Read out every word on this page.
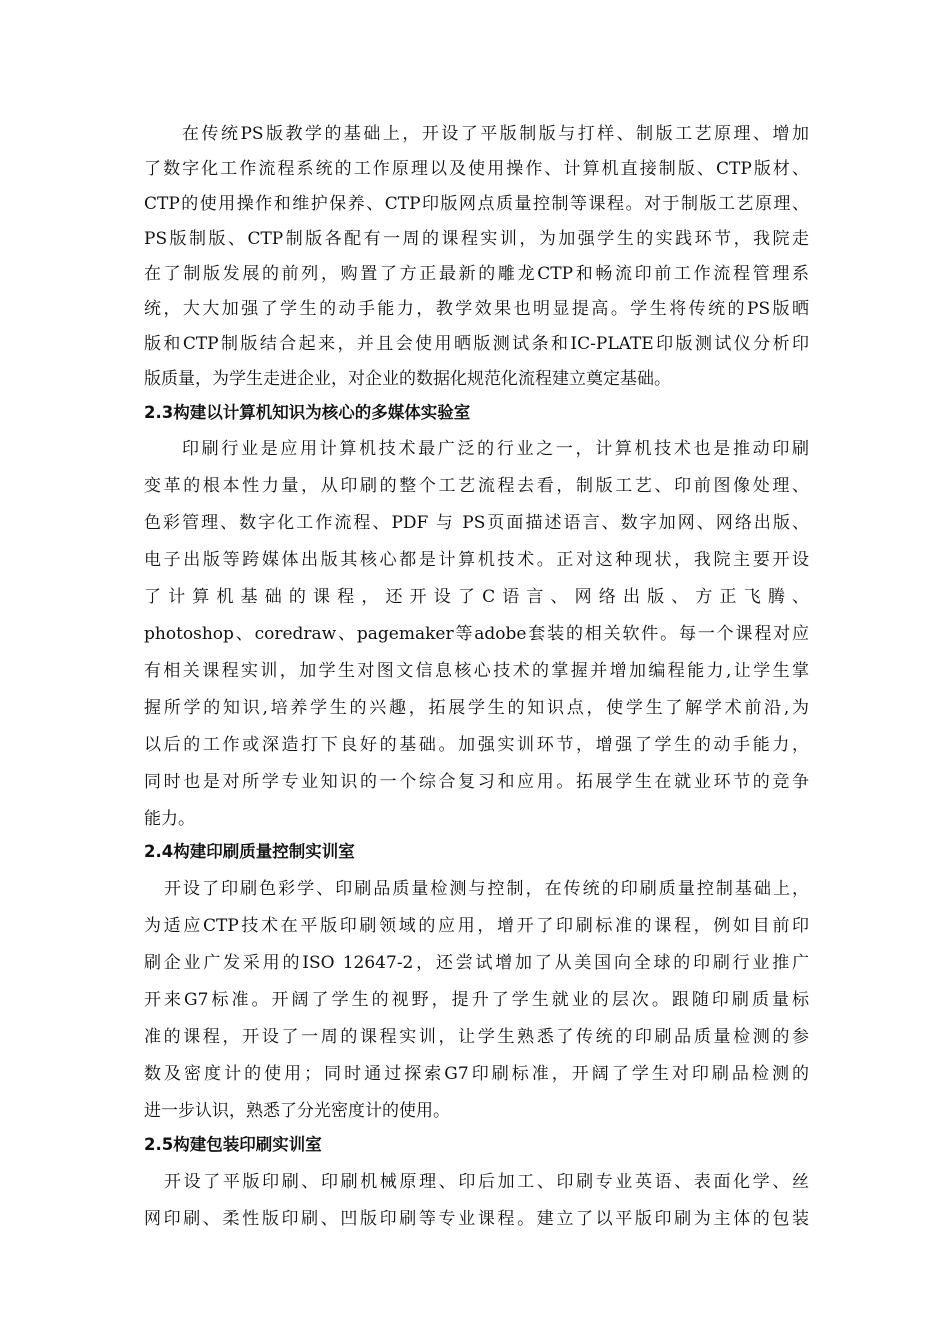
在传统PS版教学的基础上，开设了平版制版与打样、制版工艺原理、增加
了数字化工作流程系统的工作原理以及使用操作、计算机直接制版、CTP版材、
CTP的使用操作和维护保养、CTP印版网点质量控制等课程。对于制版工艺原理、
PS版制版、CTP制版各配有一周的课程实训，为加强学生的实践环节，我院走
在了制版发展的前列，购置了方正最新的雕龙CTP和畅流印前工作流程管理系
统，大大加强了学生的动手能力，教学效果也明显提高。学生将传统的PS版晒
版和CTP制版结合起来，并且会使用晒版测试条和IC-PLATE印版测试仪分析印
版质量，为学生走进企业，对企业的数据化规范化流程建立奠定基础。
2.3构建以计算机知识为核心的多媒体实验室
印刷行业是应用计算机技术最广泛的行业之一，计算机技术也是推动印刷
变革的根本性力量，从印刷的整个工艺流程去看，制版工艺、印前图像处理、
色彩管理、数字化工作流程、PDF 与 PS页面描述语言、数字加网、网络出版、
电子出版等跨媒体出版其核心都是计算机技术。正对这种现状，我院主要开设
了计算机基础的课程，还开设了C语言、网络出版、方正飞腾、
photoshop、coredraw、pagemaker等adobe套装的相关软件。每一个课程对应
有相关课程实训，加学生对图文信息核心技术的掌握并增加编程能力,让学生掌
握所学的知识,培养学生的兴趣，拓展学生的知识点，使学生了解学术前沿,为
以后的工作或深造打下良好的基础。加强实训环节，增强了学生的动手能力，
同时也是对所学专业知识的一个综合复习和应用。拓展学生在就业环节的竞争
能力。
2.4构建印刷质量控制实训室
开设了印刷色彩学、印刷品质量检测与控制，在传统的印刷质量控制基础上，
为适应CTP技术在平版印刷领域的应用，增开了印刷标准的课程，例如目前印
刷企业广发采用的ISO 12647-2，还尝试增加了从美国向全球的印刷行业推广
开来G7标准。开阔了学生的视野，提升了学生就业的层次。跟随印刷质量标
准的课程，开设了一周的课程实训，让学生熟悉了传统的印刷品质量检测的参
数及密度计的使用；同时通过探索G7印刷标准，开阔了学生对印刷品检测的
进一步认识，熟悉了分光密度计的使用。
2.5构建包装印刷实训室
开设了平版印刷、印刷机械原理、印后加工、印刷专业英语、表面化学、丝
网印刷、柔性版印刷、凹版印刷等专业课程。建立了以平版印刷为主体的包装
